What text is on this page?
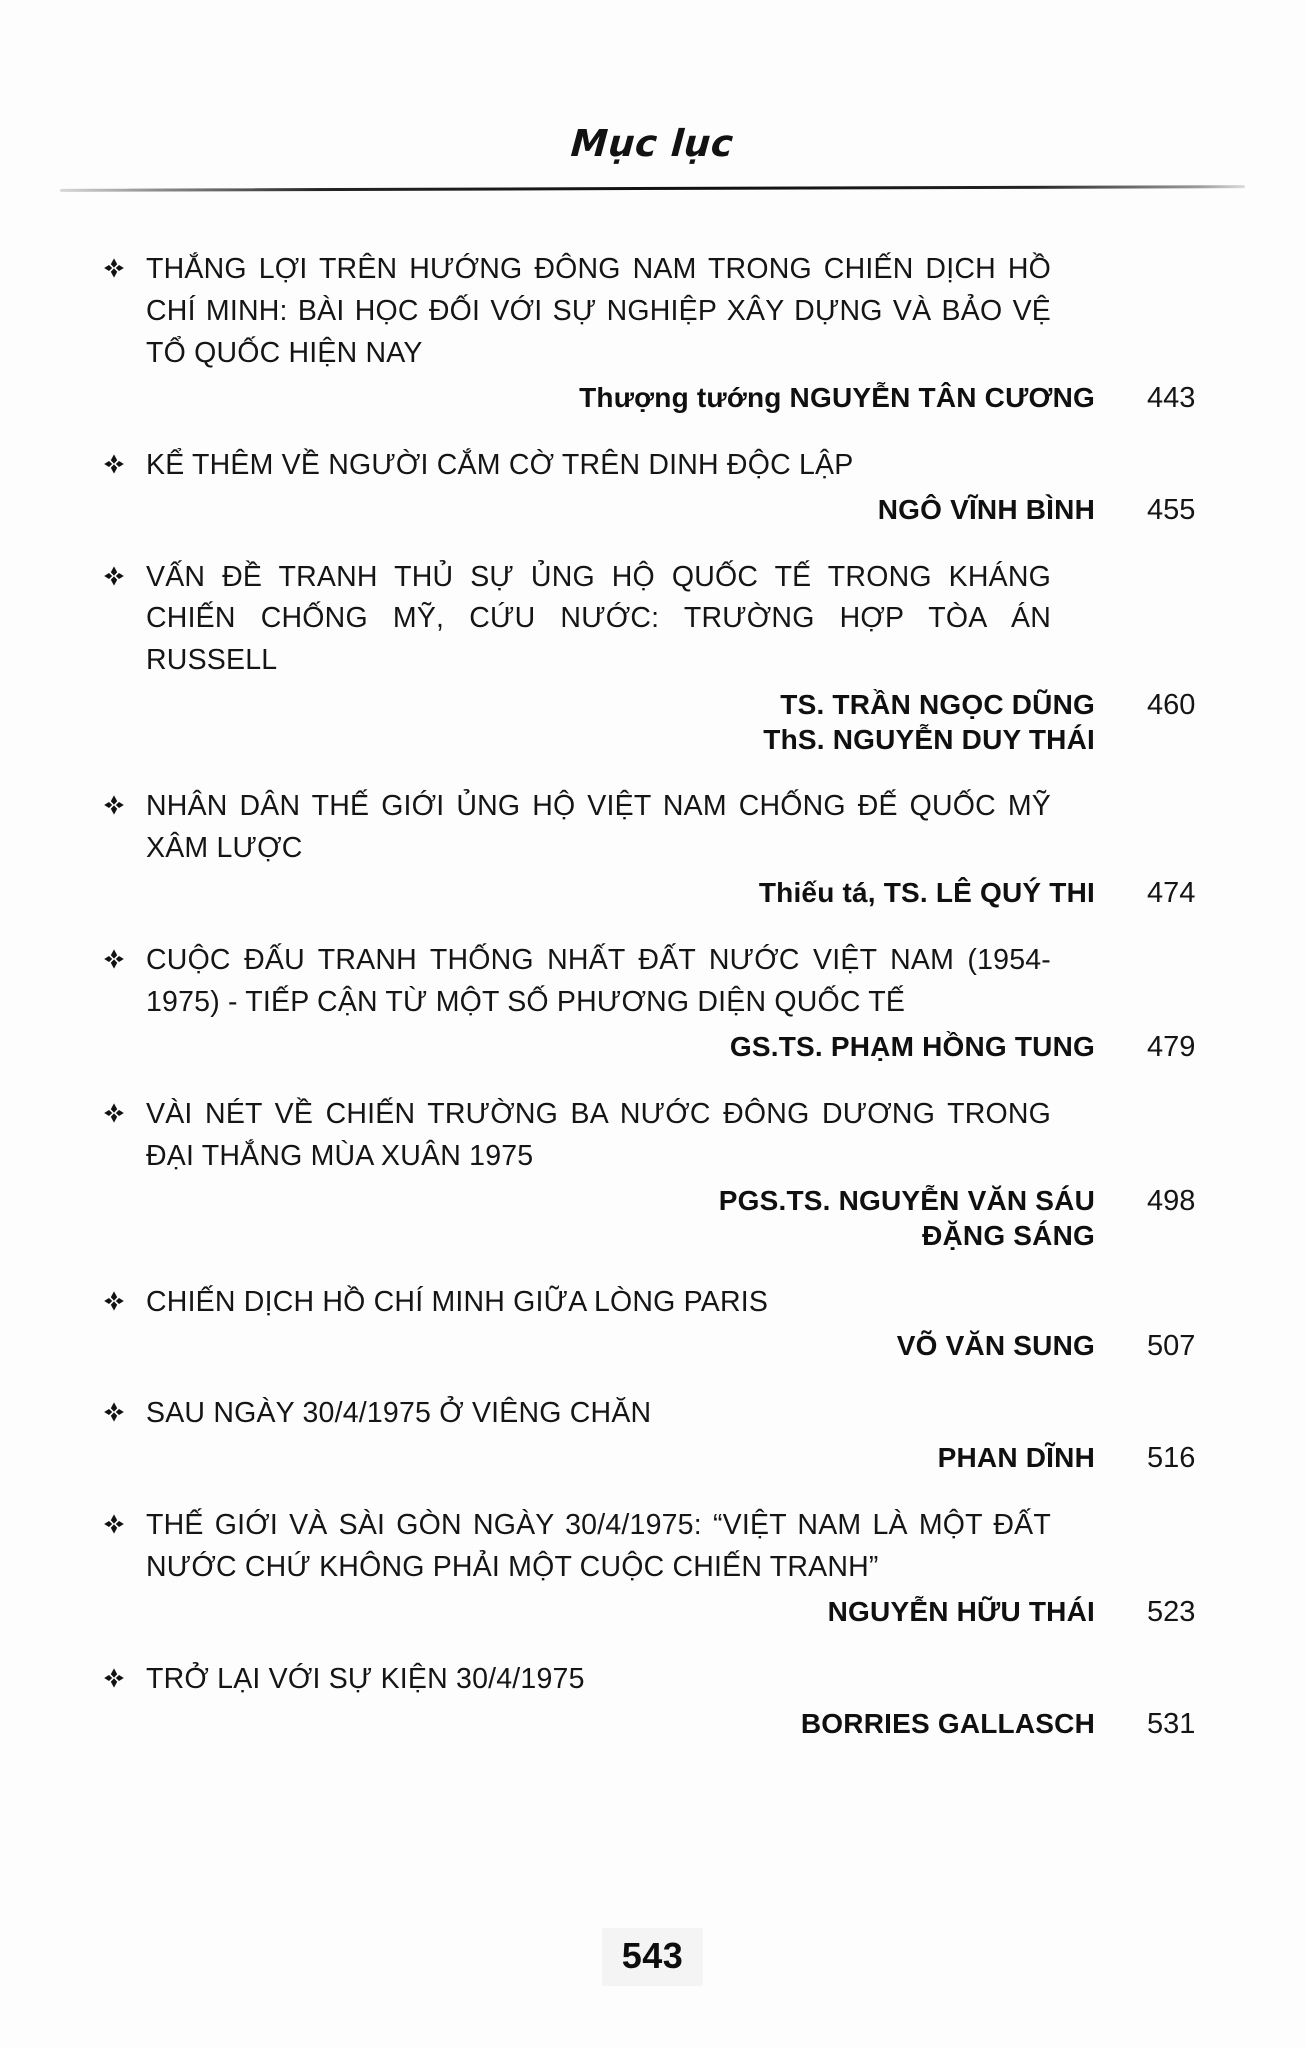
Mục lục
THẮNG LỢI TRÊN HƯỚNG ĐÔNG NAM TRONG CHIẾN DỊCH HỒ CHÍ MINH: BÀI HỌC ĐỐI VỚI SỰ NGHIỆP XÂY DỰNG VÀ BẢO VỆ TỔ QUỐC HIỆN NAY
Thượng tướng NGUYỄN TÂN CƯƠNG	443
KỂ THÊM VỀ NGƯỜI CẮM CỜ TRÊN DINH ĐỘC LẬP
NGÔ VĨNH BÌNH	455
VẤN ĐỀ TRANH THỦ SỰ ỦNG HỘ QUỐC TẾ TRONG KHÁNG CHIẾN CHỐNG MỸ, CỨU NƯỚC: TRƯỜNG HỢP TÒA ÁN RUSSELL
TS. TRẦN NGỌC DŨNG	460
ThS. NGUYỄN DUY THÁI
NHÂN DÂN THẾ GIỚI ỦNG HỘ VIỆT NAM CHỐNG ĐẾ QUỐC MỸ XÂM LƯỢC
Thiếu tá, TS. LÊ QUÝ THI	474
CUỘC ĐẤU TRANH THỐNG NHẤT ĐẤT NƯỚC VIỆT NAM (1954-1975) - TIẾP CẬN TỪ MỘT SỐ PHƯƠNG DIỆN QUỐC TẾ
GS.TS. PHẠM HỒNG TUNG	479
VÀI NÉT VỀ CHIẾN TRƯỜNG BA NƯỚC ĐÔNG DƯƠNG TRONG ĐẠI THẮNG MÙA XUÂN 1975
PGS.TS. NGUYỄN VĂN SÁU	498
ĐẶNG SÁNG
CHIẾN DỊCH HỒ CHÍ MINH GIỮA LÒNG PARIS
VÕ VĂN SUNG	507
SAU NGÀY 30/4/1975 Ở VIÊNG CHĂN
PHAN DĨNH	516
THẾ GIỚI VÀ SÀI GÒN NGÀY 30/4/1975: “VIỆT NAM LÀ MỘT ĐẤT NƯỚC CHỨ KHÔNG PHẢI MỘT CUỘC CHIẾN TRANH”
NGUYỄN HỮU THÁI	523
TRỞ LẠI VỚI SỰ KIỆN 30/4/1975
BORRIES GALLASCH	531
543
